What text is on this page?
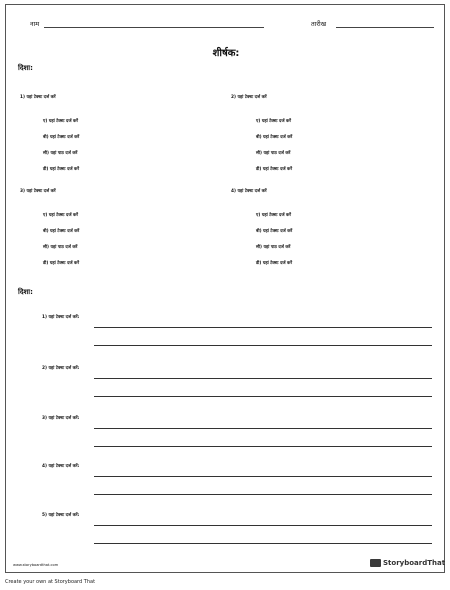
नाम	तारीख
शीर्षक:
दिशा:
1) यहां टेक्स्ट दर्ज करें
ए) यहां टेक्स्ट दर्ज करें
बी) यहां टेक्स्ट दर्ज करें
सी) यहां पाठ दर्ज करें
डी) यहां टेक्स्ट दर्ज करें
2) यहां टेक्स्ट दर्ज करें
ए) यहां टेक्स्ट दर्ज करें
बी) यहां टेक्स्ट दर्ज करें
सी) यहां पाठ दर्ज करें
डी) यहां टेक्स्ट दर्ज करें
3) यहां टेक्स्ट दर्ज करें
ए) यहां टेक्स्ट दर्ज करें
बी) यहां टेक्स्ट दर्ज करें
सी) यहां पाठ दर्ज करें
डी) यहां टेक्स्ट दर्ज करें
4) यहां टेक्स्ट दर्ज करें
ए) यहां टेक्स्ट दर्ज करें
बी) यहां टेक्स्ट दर्ज करें
सी) यहां पाठ दर्ज करें
डी) यहां टेक्स्ट दर्ज करें
दिशा:
1) यहां टेक्स्ट दर्ज करें:
2) यहां टेक्स्ट दर्ज करें:
3) यहां टेक्स्ट दर्ज करें:
4) यहां टेक्स्ट दर्ज करें:
5) यहां टेक्स्ट दर्ज करें:
www.storyboardthat.com	StoryboardThat
Create your own at Storyboard That
